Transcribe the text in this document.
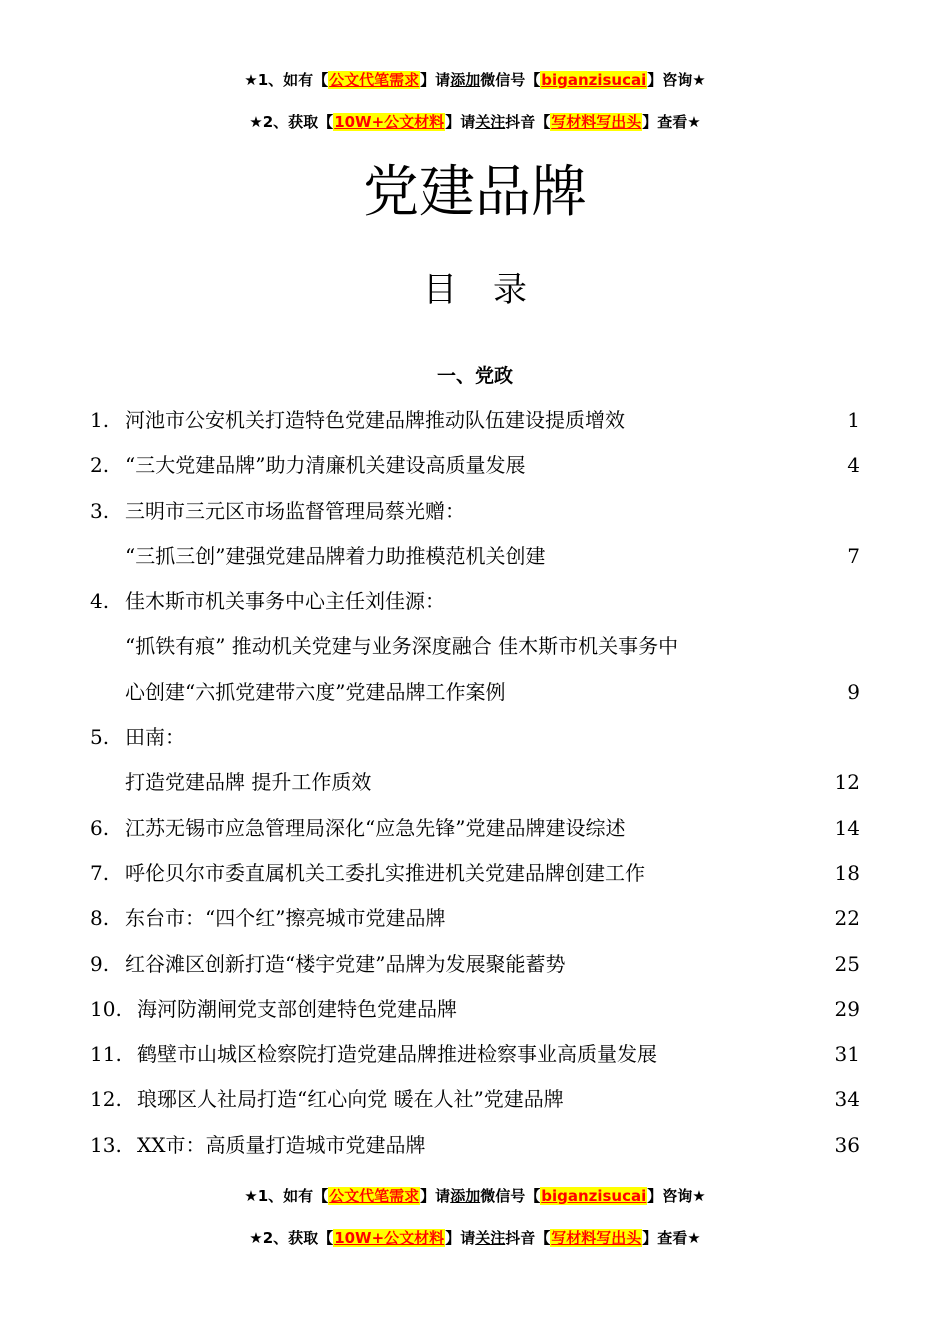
★1、如有【公文代笔需求】请添加微信号【biganzisucai】咨询★
★2、获取【10W+公文材料】请关注抖音【写材料写出头】查看★
党建品牌
目录
一、党政
1. 河池市公安机关打造特色党建品牌推动队伍建设提质增效	1
2. “三大党建品牌”助力清廉机关建设高质量发展	4
3. 三明市三元区市场监督管理局蔡光赠：
“三抓三创”建强党建品牌着力助推模范机关创建	7
4. 佳木斯市机关事务中心主任刘佳源：
“抓铁有痕” 推动机关党建与业务深度融合 佳木斯市机关事务中
心创建“六抓党建带六度”党建品牌工作案例	9
5. 田南：
打造党建品牌 提升工作质效	12
6. 江苏无锡市应急管理局深化“应急先锋”党建品牌建设综述	14
7. 呼伦贝尔市委直属机关工委扎实推进机关党建品牌创建工作	18
8. 东台市：“四个红”擦亮城市党建品牌	22
9. 红谷滩区创新打造“楼宇党建”品牌为发展聚能蓄势	25
10. 海河防潮闸党支部创建特色党建品牌	29
11. 鹤壁市山城区检察院打造党建品牌推进检察事业高质量发展	31
12. 琅琊区人社局打造“红心向党 暖在人社”党建品牌	34
13. XX市：高质量打造城市党建品牌	36
★1、如有【公文代笔需求】请添加微信号【biganzisucai】咨询★
★2、获取【10W+公文材料】请关注抖音【写材料写出头】查看★
